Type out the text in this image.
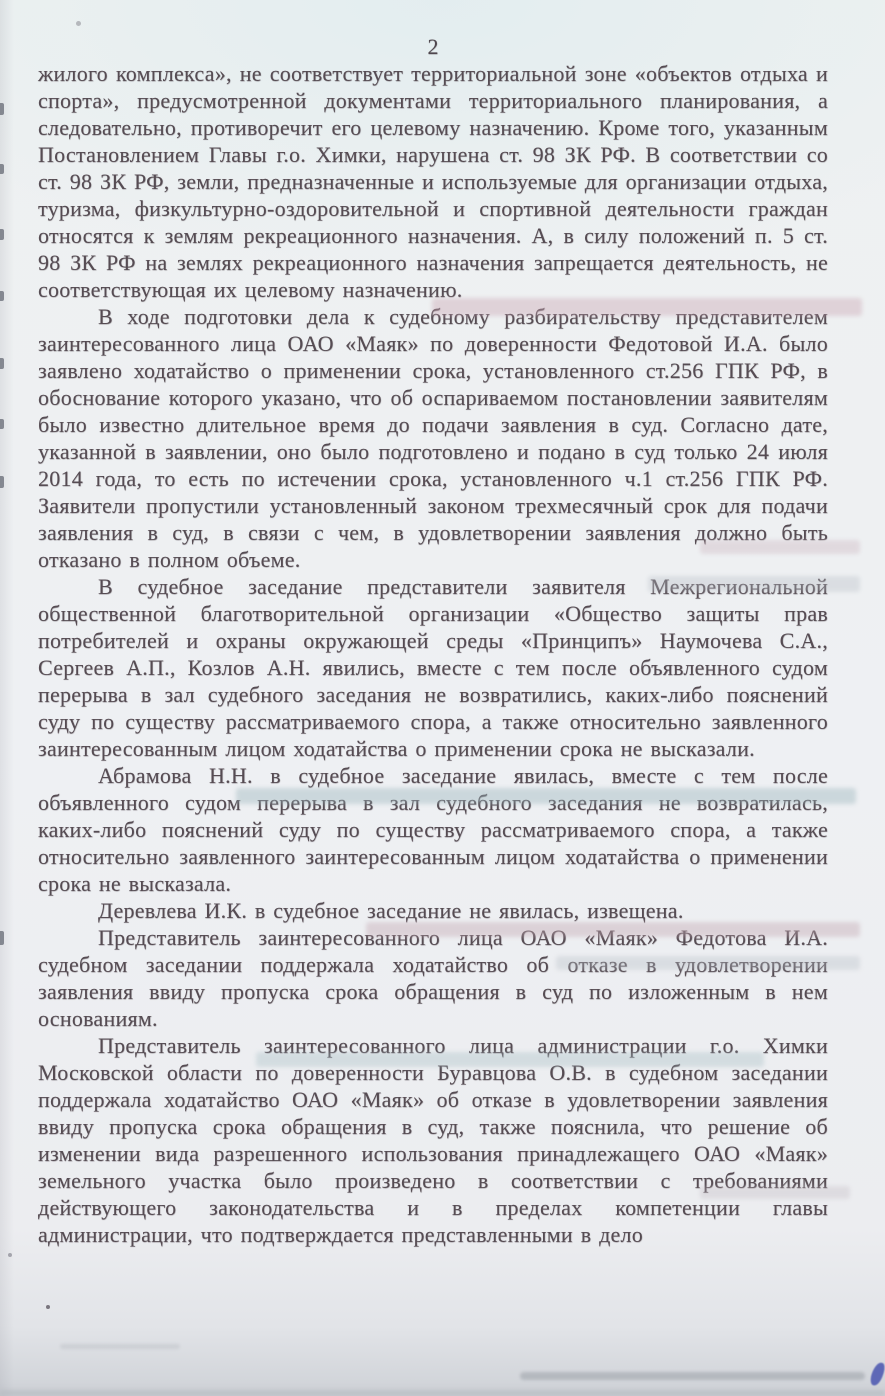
2

жилого комплекса», не соответствует территориальной зоне «объектов отдыха и спорта», предусмотренной документами территориального планирования, а следовательно, противоречит его целевому назначению. Кроме того, указанным Постановлением Главы г.о. Химки, нарушена ст. 98 ЗК РФ. В соответствии со ст. 98 ЗК РФ, земли, предназначенные и используемые для организации отдыха, туризма, физкультурно-оздоровительной и спортивной деятельности граждан относятся к землям рекреационного назначения. А, в силу положений п. 5 ст. 98 ЗК РФ на землях рекреационного назначения запрещается деятельность, не соответствующая их целевому назначению.

В ходе подготовки дела к судебному разбирательству представителем заинтересованного лица ОАО «Маяк» по доверенности Федотовой И.А. было заявлено ходатайство о применении срока, установленного ст.256 ГПК РФ, в обоснование которого указано, что об оспариваемом постановлении заявителям было известно длительное время до подачи заявления в суд. Согласно дате, указанной в заявлении, оно было подготовлено и подано в суд только 24 июля 2014 года, то есть по истечении срока, установленного ч.1 ст.256 ГПК РФ. Заявители пропустили установленный законом трехмесячный срок для подачи заявления в суд, в связи с чем, в удовлетворении заявления должно быть отказано в полном объеме.

В судебное заседание представители заявителя Межрегиональной общественной благотворительной организации «Общество защиты прав потребителей и охраны окружающей среды «Принципъ» Наумочева С.А., Сергеев А.П., Козлов А.Н. явились, вместе с тем после объявленного судом перерыва в зал судебного заседания не возвратились, каких-либо пояснений суду по существу рассматриваемого спора, а также относительно заявленного заинтересованным лицом ходатайства о применении срока не высказали.

Абрамова Н.Н. в судебное заседание явилась, вместе с тем после объявленного судом перерыва в зал судебного заседания не возвратилась, каких-либо пояснений суду по существу рассматриваемого спора, а также относительно заявленного заинтересованным лицом ходатайства о применении срока не высказала.

Деревлева И.К. в судебное заседание не явилась, извещена.

Представитель заинтересованного лица ОАО «Маяк» Федотова И.А. судебном заседании поддержала ходатайство об отказе в удовлетворении заявления ввиду пропуска срока обращения в суд по изложенным в нем основаниям.

Представитель заинтересованного лица администрации г.о. Химки Московской области по доверенности Буравцова О.В. в судебном заседании поддержала ходатайство ОАО «Маяк» об отказе в удовлетворении заявления ввиду пропуска срока обращения в суд, также пояснила, что решение об изменении вида разрешенного использования принадлежащего ОАО «Маяк» земельного участка было произведено в соответствии с требованиями действующего законодательства и в пределах компетенции главы администрации, что подтверждается представленными в дело
